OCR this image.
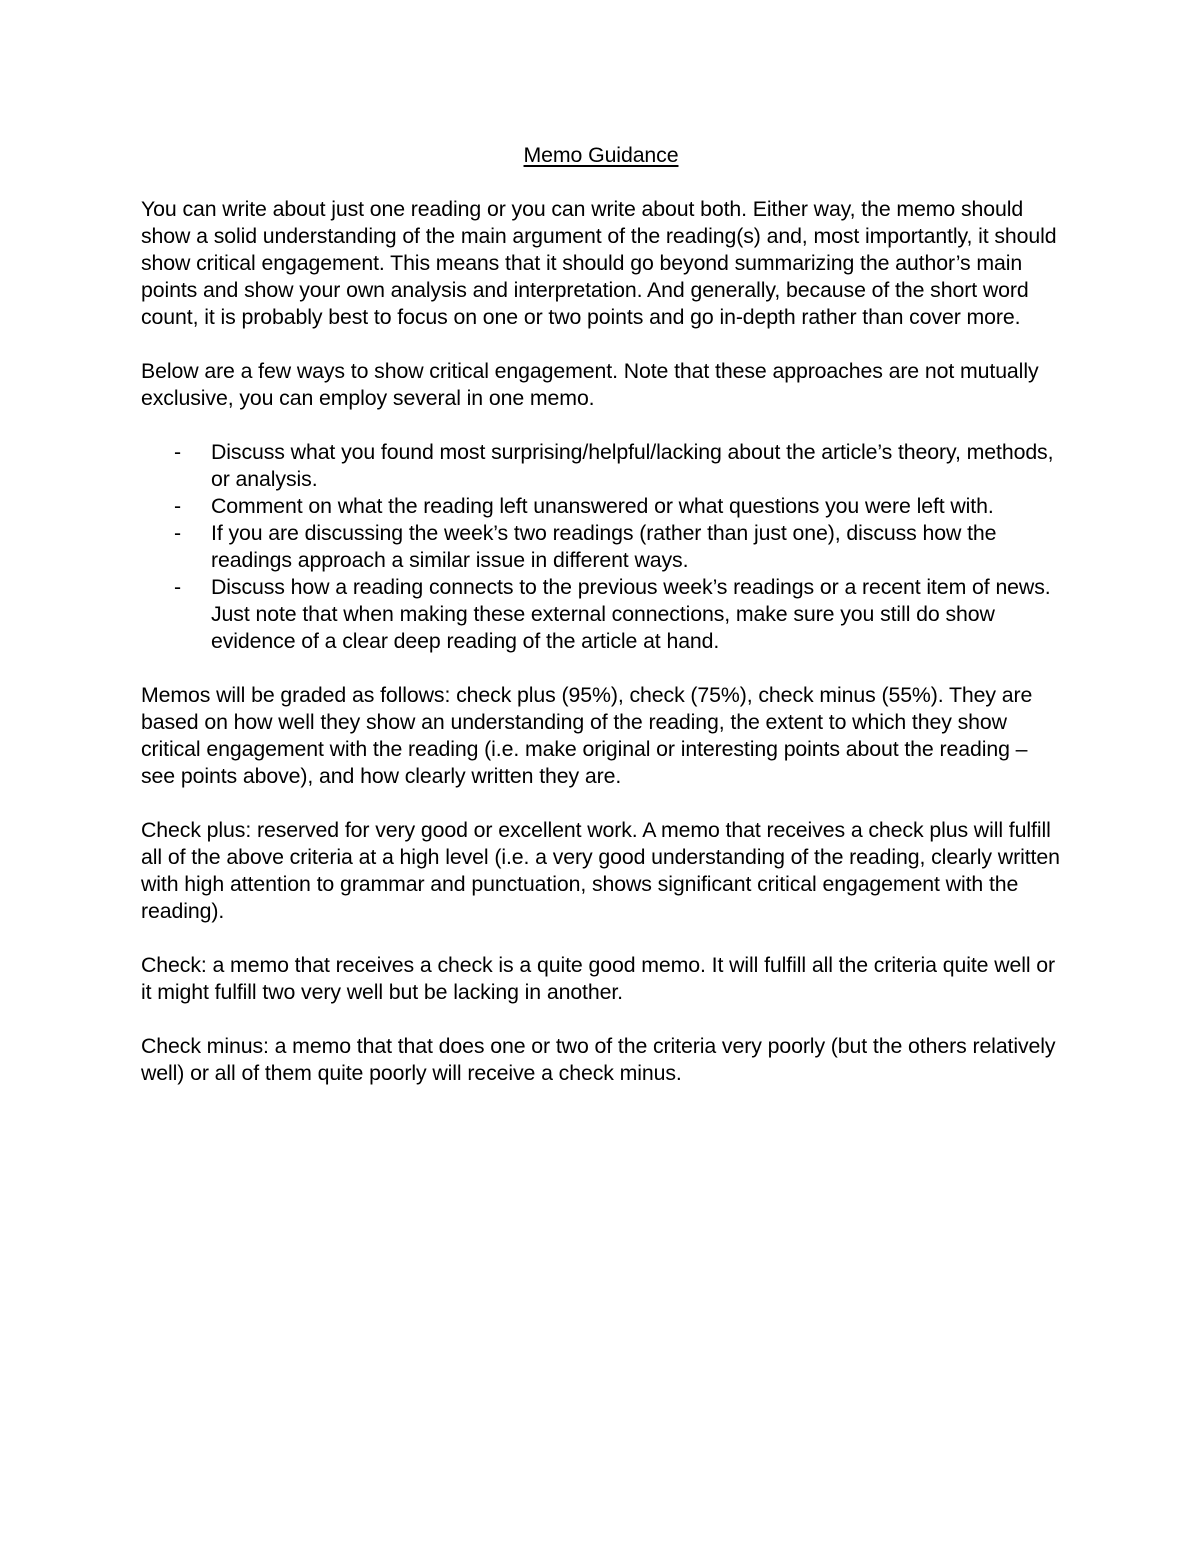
Memo Guidance

You can write about just one reading or you can write about both. Either way, the memo should show a solid understanding of the main argument of the reading(s) and, most importantly, it should show critical engagement. This means that it should go beyond summarizing the author’s main points and show your own analysis and interpretation. And generally, because of the short word count, it is probably best to focus on one or two points and go in-depth rather than cover more.

Below are a few ways to show critical engagement. Note that these approaches are not mutually exclusive, you can employ several in one memo.

- Discuss what you found most surprising/helpful/lacking about the article’s theory, methods, or analysis.
- Comment on what the reading left unanswered or what questions you were left with.
- If you are discussing the week’s two readings (rather than just one), discuss how the readings approach a similar issue in different ways.
- Discuss how a reading connects to the previous week’s readings or a recent item of news. Just note that when making these external connections, make sure you still do show evidence of a clear deep reading of the article at hand.

Memos will be graded as follows: check plus (95%), check (75%), check minus (55%). They are based on how well they show an understanding of the reading, the extent to which they show critical engagement with the reading (i.e. make original or interesting points about the reading – see points above), and how clearly written they are.

Check plus: reserved for very good or excellent work. A memo that receives a check plus will fulfill all of the above criteria at a high level (i.e. a very good understanding of the reading, clearly written with high attention to grammar and punctuation, shows significant critical engagement with the reading).

Check: a memo that receives a check is a quite good memo. It will fulfill all the criteria quite well or it might fulfill two very well but be lacking in another.

Check minus: a memo that that does one or two of the criteria very poorly (but the others relatively well) or all of them quite poorly will receive a check minus.
